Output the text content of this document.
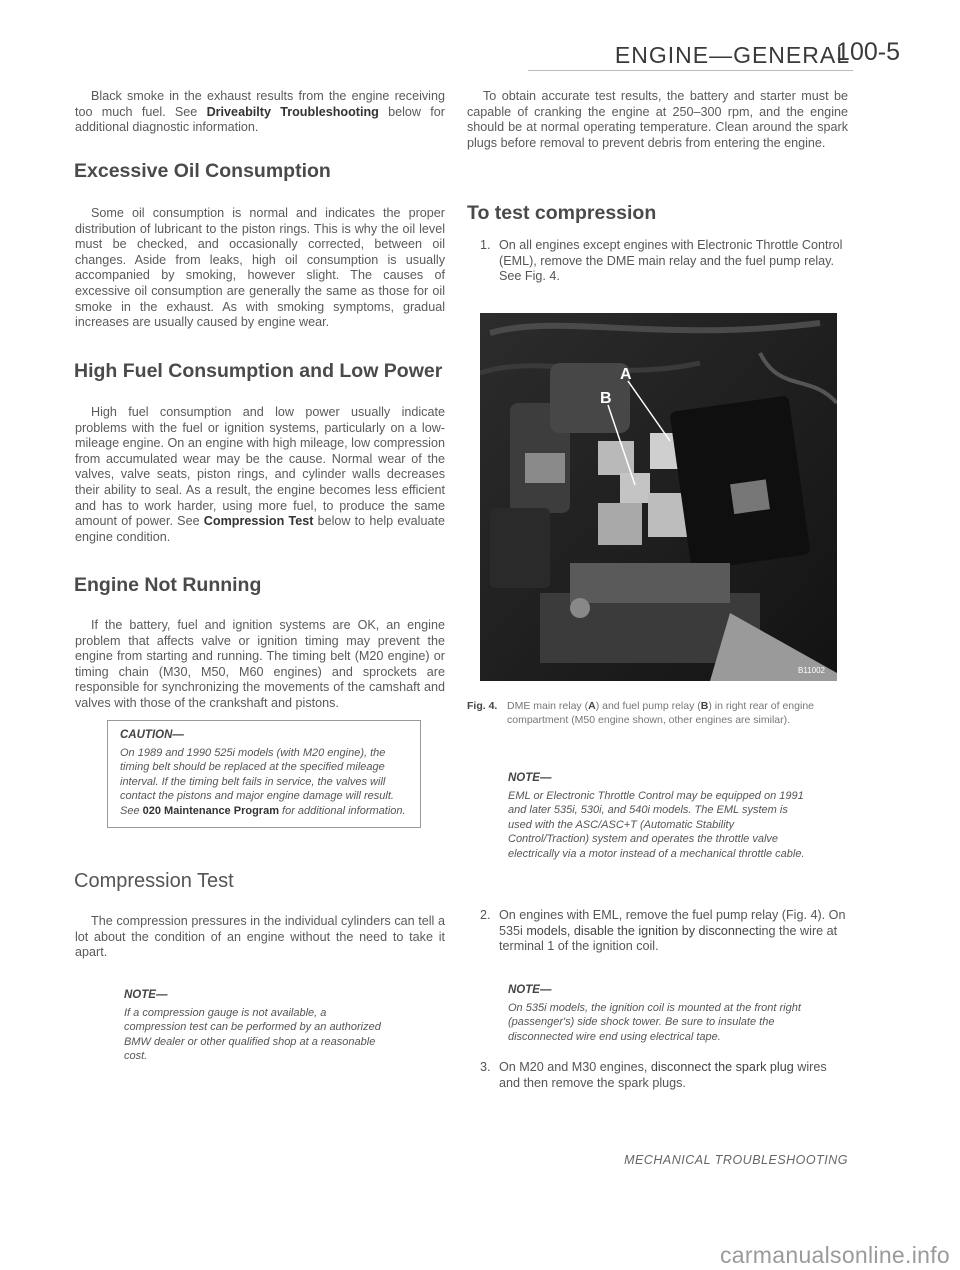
ENGINE—GENERAL
100-5
Black smoke in the exhaust results from the engine receiving too much fuel. See Driveabilty Troubleshooting below for additional diagnostic information.
Excessive Oil Consumption
Some oil consumption is normal and indicates the proper distribution of lubricant to the piston rings. This is why the oil level must be checked, and occasionally corrected, between oil changes. Aside from leaks, high oil consumption is usually accompanied by smoking, however slight. The causes of excessive oil consumption are generally the same as those for oil smoke in the exhaust. As with smoking symptoms, gradual increases are usually caused by engine wear.
High Fuel Consumption and Low Power
High fuel consumption and low power usually indicate problems with the fuel or ignition systems, particularly on a low-mileage engine. On an engine with high mileage, low compression from accumulated wear may be the cause. Normal wear of the valves, valve seats, piston rings, and cylinder walls decreases their ability to seal. As a result, the engine becomes less efficient and has to work harder, using more fuel, to produce the same amount of power. See Compression Test below to help evaluate engine condition.
Engine Not Running
If the battery, fuel and ignition systems are OK, an engine problem that affects valve or ignition timing may prevent the engine from starting and running. The timing belt (M20 engine) or timing chain (M30, M50, M60 engines) and sprockets are responsible for synchronizing the movements of the camshaft and valves with those of the crankshaft and pistons.
CAUTION—
On 1989 and 1990 525i models (with M20 engine), the timing belt should be replaced at the specified mileage interval. If the timing belt fails in service, the valves will contact the pistons and major engine damage will result. See 020 Maintenance Program for additional information.
Compression Test
The compression pressures in the individual cylinders can tell a lot about the condition of an engine without the need to take it apart.
NOTE—
If a compression gauge is not available, a compression test can be performed by an authorized BMW dealer or other qualified shop at a reasonable cost.
To obtain accurate test results, the battery and starter must be capable of cranking the engine at 250–300 rpm, and the engine should be at normal operating temperature. Clean around the spark plugs before removal to prevent debris from entering the engine.
To test compression
1. On all engines except engines with Electronic Throttle Control (EML), remove the DME main relay and the fuel pump relay. See Fig. 4.
A
B
B11002
Fig. 4. DME main relay (A) and fuel pump relay (B) in right rear of engine compartment (M50 engine shown, other engines are similar).
NOTE—
EML or Electronic Throttle Control may be equipped on 1991 and later 535i, 530i, and 540i models. The EML system is used with the ASC/ASC+T (Automatic Stability Control/Traction) system and operates the throttle valve electrically via a motor instead of a mechanical throttle cable.
2. On engines with EML, remove the fuel pump relay (Fig. 4). On 535i models, disable the ignition by disconnecting the wire at terminal 1 of the ignition coil.
NOTE—
On 535i models, the ignition coil is mounted at the front right (passenger's) side shock tower. Be sure to insulate the disconnected wire end using electrical tape.
3. On M20 and M30 engines, disconnect the spark plug wires and then remove the spark plugs.
MECHANICAL TROUBLESHOOTING
carmanualsonline.info
